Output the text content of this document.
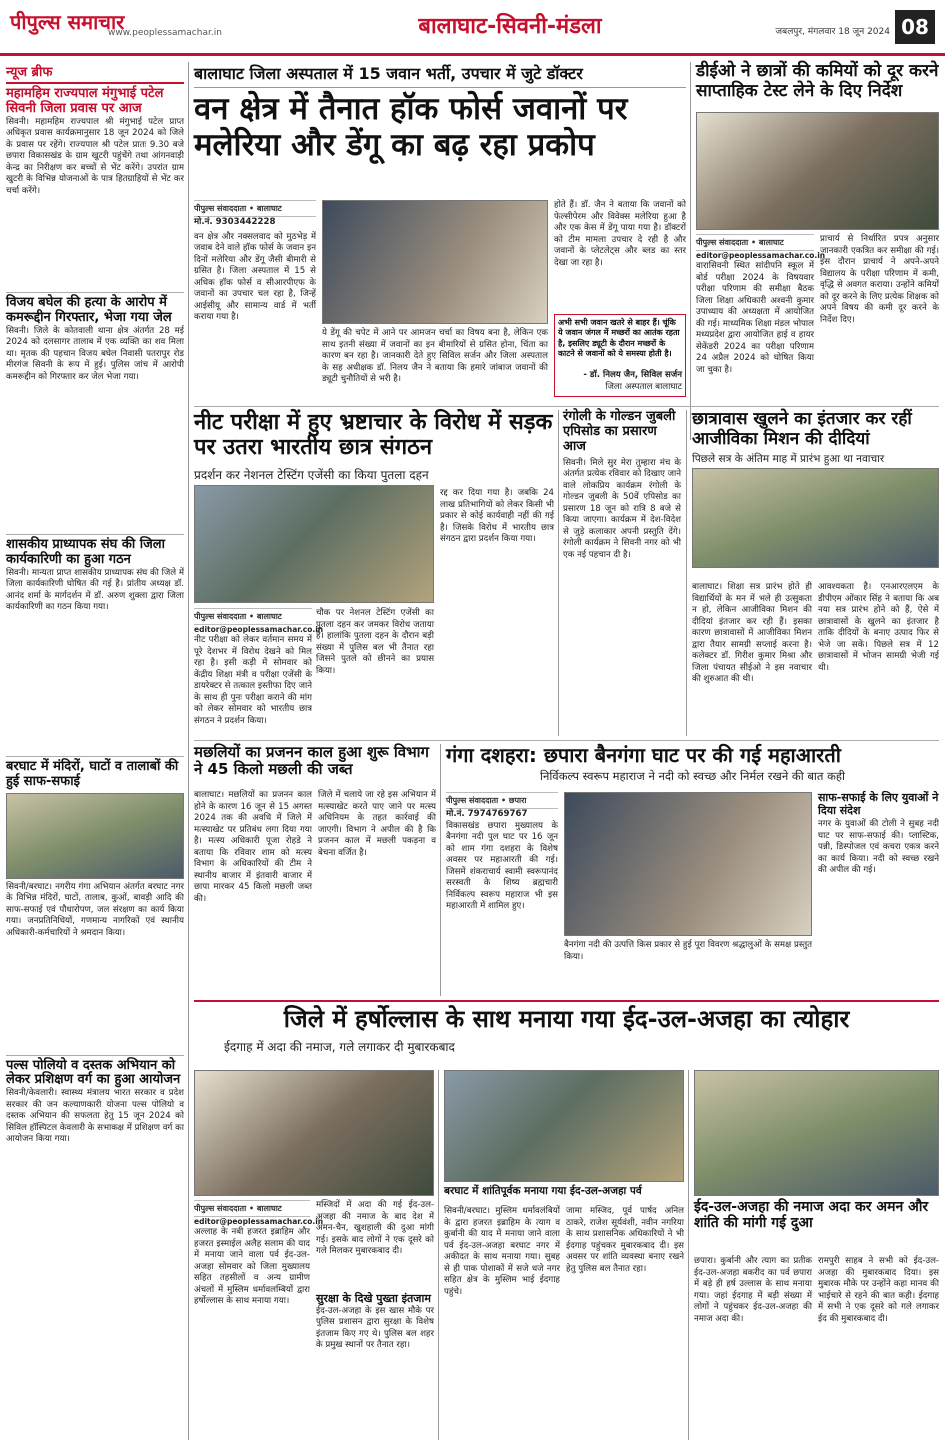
पीपुल्स समाचार
www.peoplessamachar.in	बालाघाट-सिवनी-मंडला	जबलपुर, मंगलवार 18 जून 2024 08
न्यूज ब्रीफ
महामहिम राज्यपाल मंगुभाई पटेल सिवनी जिला प्रवास पर आज

सिवनी। महामहिम राज्यपाल श्री मंगुभाई पटेल प्राप्त अधिकृत प्रवास कार्यक्रमानुसार 18 जून 2024 को जिले के प्रवास पर रहेंगे। राज्यपाल श्री पटेल प्रातः 9.30 बजे छपारा विकासखंड के ग्राम खुटरी पहुंचेंगे तथा आंगनवाड़ी केन्द्र का निरीक्षण कर बच्चों से भेंट करेंगे। उपरांत ग्राम खुटरी के विभिन्न योजनाओं के पात्र हितग्राहियों से भेंट कर चर्चा करेंगे।

विजय बघेल की हत्या के आरोप में कमरूद्दीन गिरफ्तार, भेजा गया जेल

सिवनी। जिले के कोतवाली थाना क्षेत्र अंतर्गत 28 मई 2024 को दलसागर तालाब में एक व्यक्ति का शव मिला था। मृतक की पहचान विजय बघेल निवासी पतरापुर रोड मीरगंज सिवनी के रूप में हुई। पुलिस जांच में आरोपी कमरूद्दीन को गिरफ्तार कर जेल भेजा गया।

शासकीय प्राध्यापक संघ की जिला कार्यकारिणी का हुआ गठन

सिवनी। मान्यता प्राप्त शासकीय प्राध्यापक संघ की जिले में जिला कार्यकारिणी घोषित की गई है। प्रांतीय अध्यक्ष डॉ. आनंद शर्मा के मार्गदर्शन में डॉ. अरुण शुक्ला द्वारा जिला कार्यकारिणी का गठन किया गया।

बरघाट में मंदिरों, घाटों व तालाबों की हुई साफ-सफाई

सिवनी/बरघाट। नगरीय गंगा अभियान अंतर्गत बरघाट नगर के विभिन्न मंदिरों, घाटों, तालाब, कुओं, बावड़ी आदि की साफ-सफाई एवं पौधारोपण, जल संरक्षण का कार्य किया गया। जनप्रतिनिधियों, गणमान्य नागरिकों एवं स्थानीय अधिकारी-कर्मचारियों ने श्रमदान किया।

पल्स पोलियो व दस्तक अभियान को लेकर प्रशिक्षण वर्ग का हुआ आयोजन

सिवनी/केवलारी। स्वास्थ्य मंत्रालय भारत सरकार व प्रदेश सरकार की जन कल्याणकारी योजना पल्स पोलियो व दस्तक अभियान की सफलता हेतु 15 जून 2024 को सिविल हॉस्पिटल केवलारी के सभाकक्ष में प्रशिक्षण वर्ग का आयोजन किया गया।

बालाघाट जिला अस्पताल में 15 जवान भर्ती, उपचार में जुटे डॉक्टर
वन क्षेत्र में तैनात हॉक फोर्स जवानों पर मलेरिया और डेंगू का बढ़ रहा प्रकोप
पीपुल्स संवाददाता • बालाघाट
मो.नं. 9303442228

वन क्षेत्र और नक्सलवाद को मुठभेड़ में जवाब देने वाले हॉक फोर्स के जवान इन दिनों मलेरिया और डेंगू जैसी बीमारी से ग्रसित है। जिला अस्पताल में 15 से अधिक हॉक फोर्स व सीआरपीएफ के जवानों का उपचार चल रहा है, जिन्हें आईसीयू और सामान्य वार्ड में भर्ती कराया गया है।

ये डेंगू की चपेट में आने पर आमजन चर्चा का विषय बना है, लेकिन एक साथ इतनी संख्या में जवानों का इन बीमारियों से ग्रसित होना, चिंता का कारण बन रहा है। जानकारी देते हुए सिविल सर्जन और जिला अस्पताल के सह अधीक्षक डॉ. निलय जैन ने बताया कि हमारे जांबाज जवानों की ड्यूटी चुनौतियों से भरी है।

होते हैं। डॉ. जैन ने बताया कि जवानों को फेल्सीपेरम और विवेक्स मलेरिया हुआ है और एक केस में डेंगू पाया गया है। डॉक्टरों को टीम मामला उपचार दे रही है और जवानों के प्लेटलेट्स और ब्लड का स्तर देखा जा रहा है।

अभी सभी जवान खतरे से बाहर हैं। चूंकि ये जवान जंगल में मच्छरों का आतंक रहता है, इसलिए ड्यूटी के दौरान मच्छरों के काटने से जवानों को ये समस्या होती है।

- डॉ. निलय जैन, सिविल सर्जन
जिला अस्पताल बालाघाट
डीईओ ने छात्रों की कमियों को दूर करने साप्ताहिक टेस्ट लेने के दिए निर्देश
पीपुल्स संवाददाता • बालाघाट
editor@peoplessamachar.co.in

वारासिवनी स्थित सांदीपनि स्कूल में बोर्ड परीक्षा 2024 के विषयवार परीक्षा परिणाम की समीक्षा बैठक जिला शिक्षा अधिकारी अश्वनी कुमार उपाध्याय की अध्यक्षता में आयोजित की गई। माध्यमिक शिक्षा मंडल भोपाल मध्यप्रदेश द्वारा आयोजित हाई व हायर सेकेंडरी 2024 का परीक्षा परिणाम 24 अप्रैल 2024 को घोषित किया जा चुका है।

प्राचार्य से निर्धारित प्रपत्र अनुसार जानकारी एकत्रित कर समीक्षा की गई। इस दौरान प्राचार्य ने अपने-अपने विद्यालय के परीक्षा परिणाम में कमी, वृद्धि से अवगत कराया। उन्होंने कमियों को दूर करने के लिए प्रत्येक शिक्षक को अपने विषय की कमी दूर करने के निर्देश दिए।

नीट परीक्षा में हुए भ्रष्टाचार के विरोध में सड़क पर उतरा भारतीय छात्र संगठन
प्रदर्शन कर नेशनल टेस्टिंग एजेंसी का किया पुतला दहन
पीपुल्स संवाददाता • बालाघाट
editor@peoplessamachar.co.in

नीट परीक्षा को लेकर वर्तमान समय में पूरे देशभर में विरोध देखने को मिल रहा है। इसी कड़ी में सोमवार को केंद्रीय शिक्षा मंत्री व परीक्षा एजेंसी के डायरेक्टर से तत्काल इस्तीफा दिए जाने के साथ ही पुनः परीक्षा कराने की मांग को लेकर सोमवार को भारतीय छात्र संगठन ने प्रदर्शन किया।

चौक पर नेशनल टेस्टिंग एजेंसी का पुतला दहन कर जमकर विरोध जताया है। हालांकि पुतला दहन के दौरान बड़ी संख्या में पुलिस बल भी तैनात रहा जिसने पुतले को छीनने का प्रयास किया।

रद्द कर दिया गया है। जबकि 24 लाख प्रतिभागियों को लेकर किसी भी प्रकार से कोई कार्यवाही नहीं की गई है। जिसके विरोध में भारतीय छात्र संगठन द्वारा प्रदर्शन किया गया।

रंगोली के गोल्डन जुबली एपिसोड का प्रसारण आज

सिवनी। मिले सुर मेरा तुम्हारा मंच के अंतर्गत प्रत्येक रविवार को दिखाए जाने वाले लोकप्रिय कार्यक्रम रंगोली के गोल्डन जुबली के 50वें एपिसोड का प्रसारण 18 जून को रात्रि 8 बजे से किया जाएगा। कार्यक्रम में देश-विदेश से जुड़े कलाकार अपनी प्रस्तुति देंगे। रंगोली कार्यक्रम ने सिवनी नगर को भी एक नई पहचान दी है।

छात्रावास खुलने का इंतजार कर रहीं आजीविका मिशन की दीदियां
पिछले सत्र के अंतिम माह में प्रारंभ हुआ था नवाचार

बालाघाट। शिक्षा सत्र प्रारंभ होते ही विद्यार्थियों के मन में भले ही उत्सुकता न हो, लेकिन आजीविका मिशन की दीदियां इंतजार कर रही हैं। इसका कारण छात्रावासों में आजीविका मिशन द्वारा तैयार सामग्री सप्लाई करना है। कलेक्टर डॉ. गिरीश कुमार मिश्रा और जिला पंचायत सीईओ ने इस नवाचार की शुरुआत की थी।

आवश्यकता है। एनआरएलएम के डीपीएम ओंकार सिंह ने बताया कि अब नया सत्र प्रारंभ होने को हैं, ऐसे में छात्रावासों के खुलने का इंतजार है ताकि दीदियों के बनाए उत्पाद फिर से भेजे जा सकें। पिछले सत्र में 12 छात्रावासों में भोजन सामग्री भेजी गई थी।

मछलियों का प्रजनन काल हुआ शुरू विभाग ने 45 किलो मछली की जब्त

बालाघाट। मछलियों का प्रजनन काल होने के कारण 16 जून से 15 अगस्त 2024 तक की अवधि में जिले में मत्स्याखेट पर प्रतिबंध लगा दिया गया है। मत्स्य अधिकारी पूजा रोहडे ने बताया कि रविवार शाम को मत्स्य विभाग के अधिकारियों की टीम ने स्थानीय बाजार में इंतवारी बाजार में छापा मारकर 45 किलो मछली जब्त की।

जिले में चलाये जा रहे इस अभियान में मत्स्याखेट करते पाए जाने पर मत्स्य अधिनियम के तहत कार्रवाई की जाएगी। विभाग ने अपील की है कि प्रजनन काल में मछली पकड़ना व बेचना वर्जित है।

गंगा दशहरा: छपारा बैनगंगा घाट पर की गई महाआरती
निर्विकल्प स्वरूप महाराज ने नदी को स्वच्छ और निर्मल रखने की बात कही
पीपुल्स संवाददाता • छपारा
मो.नं. 7974769767

विकासखंड छपारा मुख्यालय के बैनगंगा नदी पुल घाट पर 16 जून को शाम गंगा दशहरा के विशेष अवसर पर महाआरती की गई। जिसमें शंकराचार्य स्वामी स्वरूपानंद सरस्वती के शिष्य ब्रह्मचारी निर्विकल्प स्वरूप महाराज भी इस महाआरती में शामिल हुए।

बैनगंगा नदी की उत्पत्ति किस प्रकार से हुई पूरा विवरण श्रद्धालुओं के समक्ष प्रस्तुत किया।

साफ-सफाई के लिए युवाओं ने दिया संदेश

नगर के युवाओं की टोली ने सुबह नदी घाट पर साफ-सफाई की। प्लास्टिक, पन्नी, डिस्पोजल एवं कचरा एकत्र करने का कार्य किया। नदी को स्वच्छ रखने की अपील की गई।

जिले में हर्षोल्लास के साथ मनाया गया ईद-उल-अजहा का त्योहार
ईदगाह में अदा की नमाज, गले लगाकर दी मुबारकबाद
पीपुल्स संवाददाता • बालाघाट
editor@peoplessamachar.co.in

अल्लाह के नबी हजरत इब्राहिम और हजरत इस्माईल अलैह सलाम की याद में मनाया जाने वाला पर्व ईद-उल-अजहा सोमवार को जिला मुख्यालय सहित तहसीलों व अन्य ग्रामीण अंचलों में मुस्लिम धर्मावलम्बियों द्वारा हर्षोल्लास के साथ मनाया गया।

मस्जिदों में अदा की गई ईद-उल-अजहा की नमाज के बाद देश में अमन-चैन, खुशहाली की दुआ मांगी गई। इसके बाद लोगों ने एक दूसरे को गले मिलकर मुबारकबाद दी।

सुरक्षा के दिखे पुख्ता इंतजाम

ईद-उल-अजहा के इस खास मौके पर पुलिस प्रशासन द्वारा सुरक्षा के विशेष इंतजाम किए गए थे। पुलिस बल शहर के प्रमुख स्थानों पर तैनात रहा।

बरघाट में शांतिपूर्वक मनाया गया ईद-उल-अजहा पर्व

सिवनी/बरघाट। मुस्लिम धर्मावलंबियों के द्वारा हजरत इब्राहिम के त्याग व कुर्बानी की याद में मनाया जाने वाला पर्व ईद-उल-अजहा बरघाट नगर में अकीदत के साथ मनाया गया। सुबह से ही पाक पोशाकों में सजे धजे नगर सहित क्षेत्र के मुस्लिम भाई ईदगाह पहुंचे।

जामा मस्जिद, पूर्व पार्षद अनिल ठाकरे, राजेश सूर्यवंशी, नवीन नगरिया के साथ प्रशासनिक अधिकारियों ने भी ईदगाह पहुंचकर मुबारकबाद दी। इस अवसर पर शांति व्यवस्था बनाए रखने हेतु पुलिस बल तैनात रहा।

ईद-उल-अजहा की नमाज अदा कर अमन और शांति की मांगी गई दुआ

छपारा। कुर्बानी और त्याग का प्रतीक ईद-उल-अजहा बकरीद का पर्व छपारा में बड़े ही हर्ष उल्लास के साथ मनाया गया। जहां ईदगाह में बड़ी संख्या में लोगों ने पहुंचकर ईद-उल-अजहा की नमाज अदा की।

रामपुरी साहब ने सभी को ईद-उल-अजहा की मुबारकबाद दिया। इस मुबारक मौके पर उन्होंने कहा मानव की भाईचारे से रहने की बात कही। ईदगाह में सभी ने एक दूसरे को गले लगाकर ईद की मुबारकबाद दी।
